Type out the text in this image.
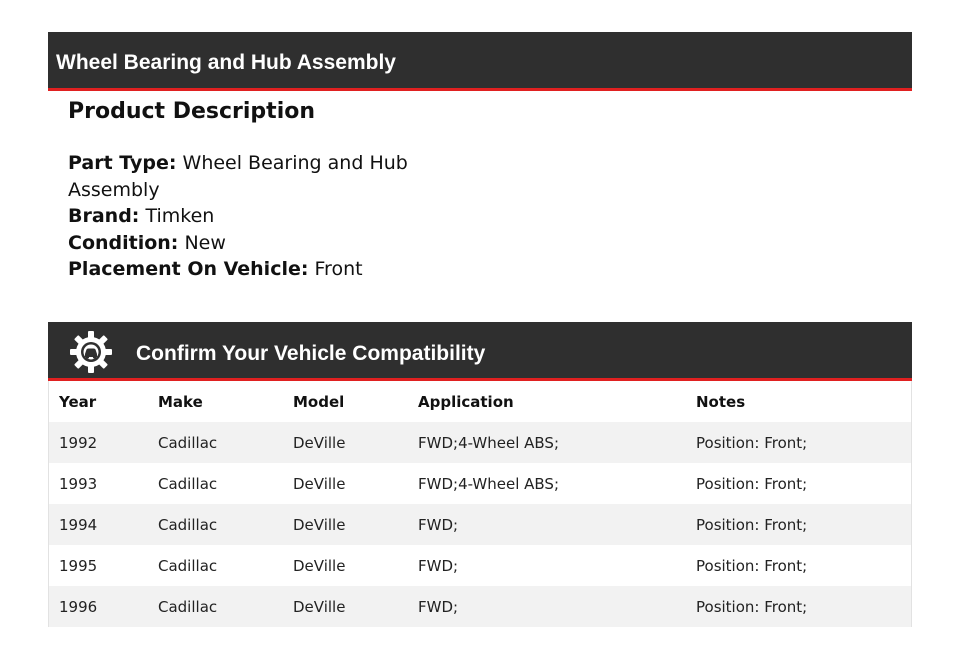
Wheel Bearing and Hub Assembly
Product Description
Part Type: Wheel Bearing and Hub Assembly
Brand: Timken
Condition: New
Placement On Vehicle: Front
Confirm Your Vehicle Compatibility
Year	Make	Model	Application	Notes
1992	Cadillac	DeVille	FWD;4-Wheel ABS;	Position: Front;
1993	Cadillac	DeVille	FWD;4-Wheel ABS;	Position: Front;
1994	Cadillac	DeVille	FWD;	Position: Front;
1995	Cadillac	DeVille	FWD;	Position: Front;
1996	Cadillac	DeVille	FWD;	Position: Front;
